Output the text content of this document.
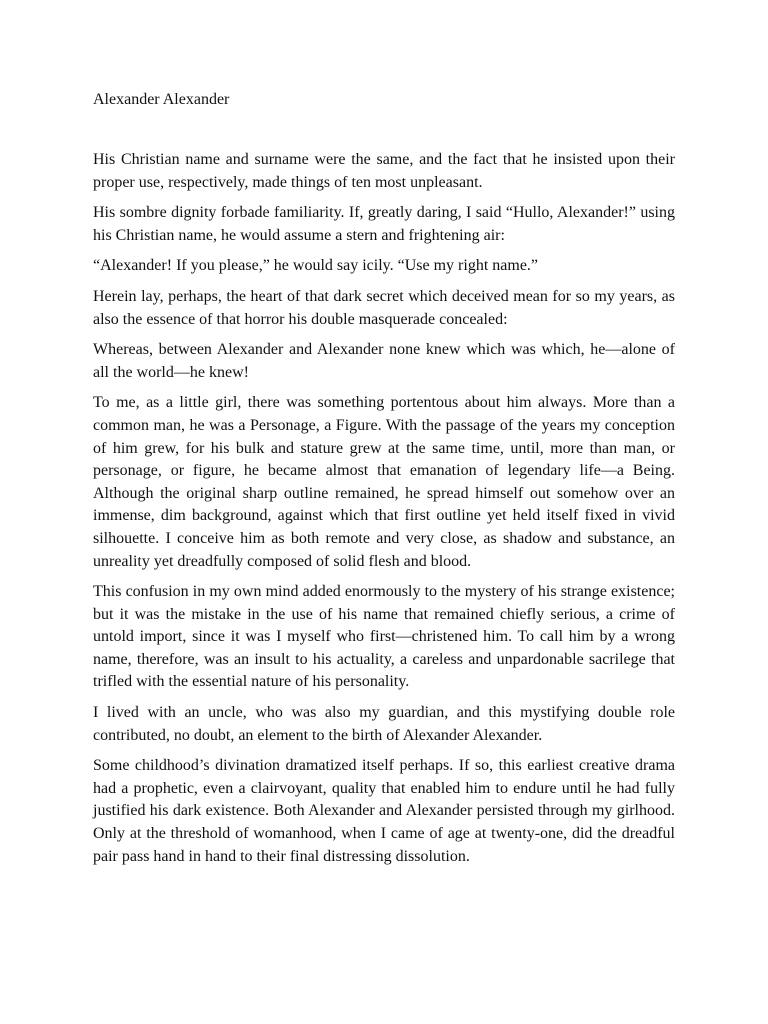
Alexander Alexander

His Christian name and surname were the same, and the fact that he insisted upon their proper use, respectively, made things of ten most unpleasant.

His sombre dignity forbade familiarity. If, greatly daring, I said “Hullo, Alexander!” using his Christian name, he would assume a stern and frightening air:

“Alexander! If you please,” he would say icily. “Use my right name.”

Herein lay, perhaps, the heart of that dark secret which deceived mean for so my years, as also the essence of that horror his double masquerade concealed:

Whereas, between Alexander and Alexander none knew which was which, he—alone of all the world—he knew!

To me, as a little girl, there was something portentous about him always. More than a common man, he was a Personage, a Figure. With the passage of the years my conception of him grew, for his bulk and stature grew at the same time, until, more than man, or personage, or figure, he became almost that emanation of legendary life—a Being. Although the original sharp outline remained, he spread himself out somehow over an immense, dim background, against which that first outline yet held itself fixed in vivid silhouette. I conceive him as both remote and very close, as shadow and substance, an unreality yet dreadfully composed of solid flesh and blood.

This confusion in my own mind added enormously to the mystery of his strange existence; but it was the mistake in the use of his name that remained chiefly serious, a crime of untold import, since it was I myself who first—christened him. To call him by a wrong name, therefore, was an insult to his actuality, a careless and unpardonable sacrilege that trifled with the essential nature of his personality.

I lived with an uncle, who was also my guardian, and this mystifying double role contributed, no doubt, an element to the birth of Alexander Alexander.

Some childhood’s divination dramatized itself perhaps. If so, this earliest creative drama had a prophetic, even a clairvoyant, quality that enabled him to endure until he had fully justified his dark existence. Both Alexander and Alexander persisted through my girlhood. Only at the threshold of womanhood, when I came of age at twenty-one, did the dreadful pair pass hand in hand to their final distressing dissolution.
